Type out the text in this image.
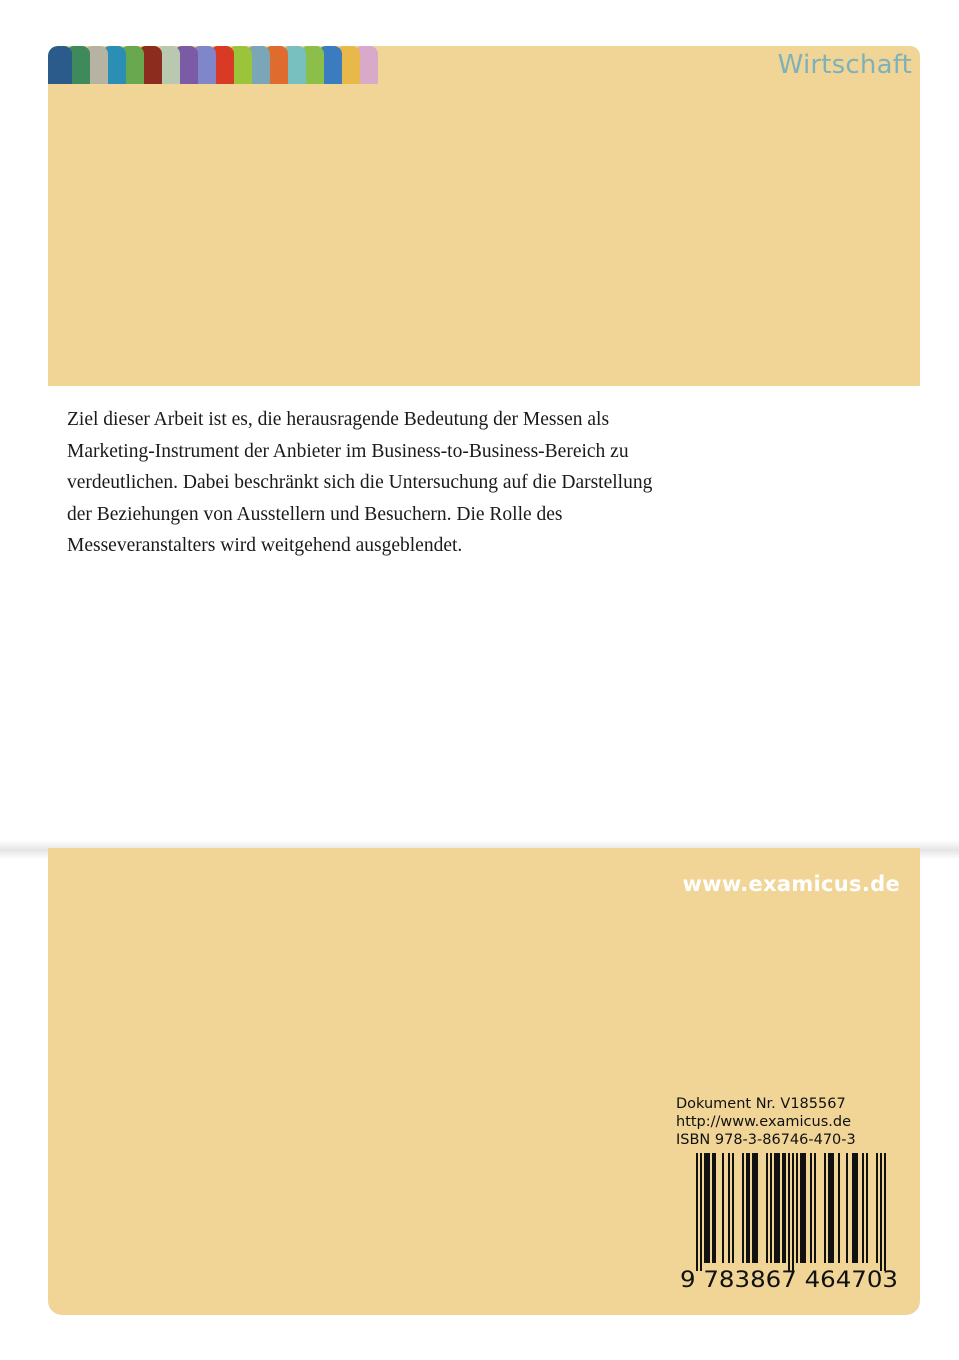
Wirtschaft
Ziel dieser Arbeit ist es, die herausragende Bedeutung der Messen als
Marketing-Instrument der Anbieter im Business-to-Business-Bereich zu
verdeutlichen. Dabei beschränkt sich die Untersuchung auf die Darstellung
der Beziehungen von Ausstellern und Besuchern. Die Rolle des
Messeveranstalters wird weitgehend ausgeblendet.
www.examicus.de
Dokument Nr. V185567
http://www.examicus.de
ISBN 978-3-86746-470-3
9 783867 464703
